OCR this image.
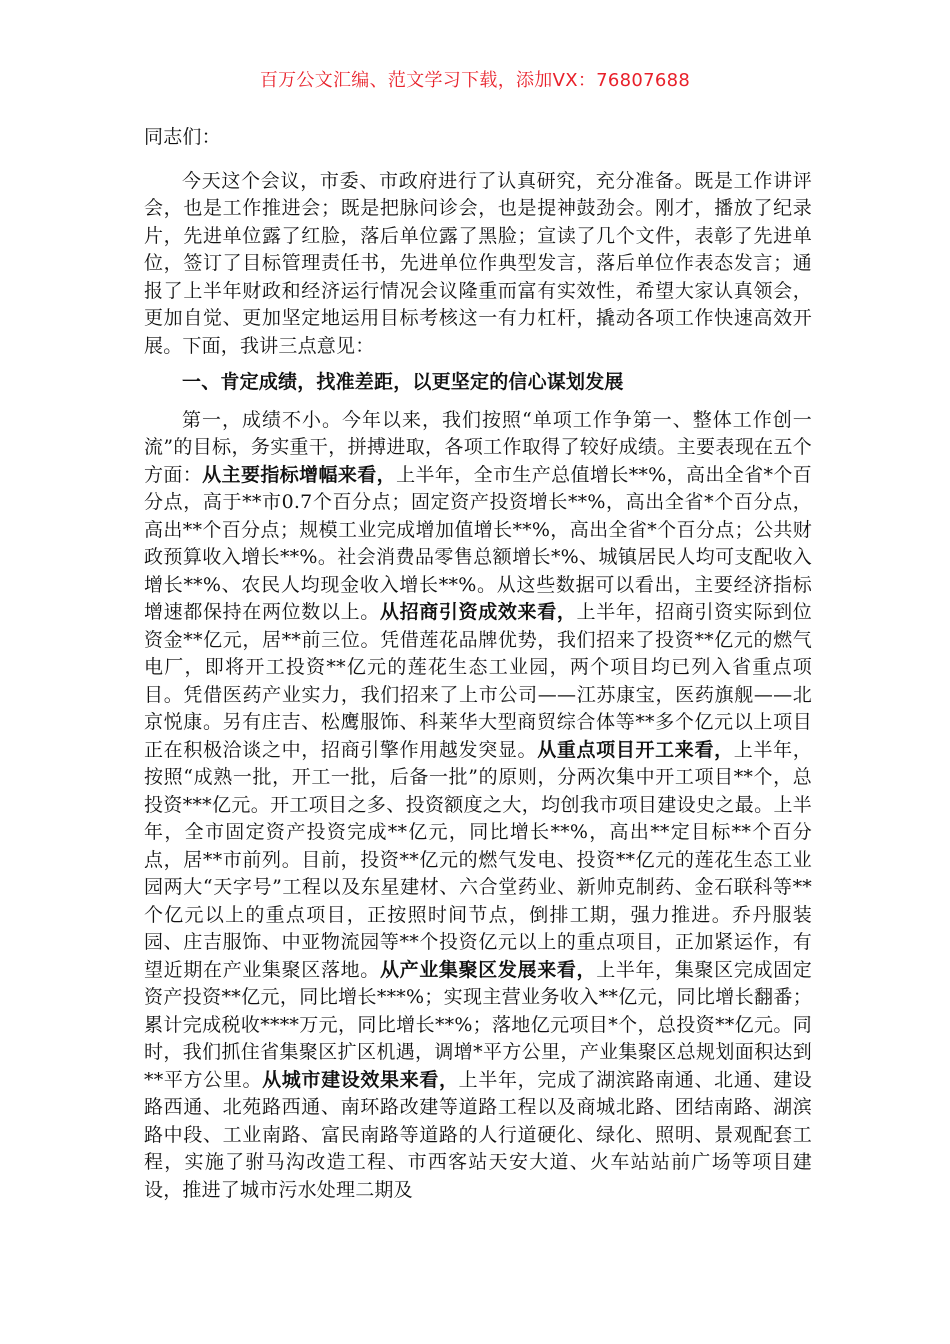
百万公文汇编、范文学习下载，添加VX：76807688

同志们：

今天这个会议，市委、市政府进行了认真研究，充分准备。既是工作讲评会，也是工作推进会；既是把脉问诊会，也是提神鼓劲会。刚才，播放了纪录片，先进单位露了红脸，落后单位露了黑脸；宣读了几个文件，表彰了先进单位，签订了目标管理责任书，先进单位作典型发言，落后单位作表态发言；通报了上半年财政和经济运行情况会议隆重而富有实效性，希望大家认真领会，更加自觉、更加坚定地运用目标考核这一有力杠杆，撬动各项工作快速高效开展。下面，我讲三点意见：

一、肯定成绩，找准差距，以更坚定的信心谋划发展

第一，成绩不小。今年以来，我们按照“单项工作争第一、整体工作创一流”的目标，务实重干，拼搏进取，各项工作取得了较好成绩。主要表现在五个方面：从主要指标增幅来看，上半年，全市生产总值增长**%，高出全省*个百分点，高于**市0.7个百分点；固定资产投资增长**%，高出全省*个百分点，高出**个百分点；规模工业完成增加值增长**%，高出全省*个百分点；公共财政预算收入增长**%。社会消费品零售总额增长*%、城镇居民人均可支配收入增长**%、农民人均现金收入增长**%。从这些数据可以看出，主要经济指标增速都保持在两位数以上。从招商引资成效来看，上半年，招商引资实际到位资金**亿元，居**前三位。凭借莲花品牌优势，我们招来了投资**亿元的燃气电厂，即将开工投资**亿元的莲花生态工业园，两个项目均已列入省重点项目。凭借医药产业实力，我们招来了上市公司——江苏康宝，医药旗舰——北京悦康。另有庄吉、松鹰服饰、科莱华大型商贸综合体等**多个亿元以上项目正在积极洽谈之中，招商引擎作用越发突显。从重点项目开工来看，上半年，按照“成熟一批，开工一批，后备一批”的原则，分两次集中开工项目**个，总投资***亿元。开工项目之多、投资额度之大，均创我市项目建设史之最。上半年，全市固定资产投资完成**亿元，同比增长**%，高出**定目标**个百分点，居**市前列。目前，投资**亿元的燃气发电、投资**亿元的莲花生态工业园两大“天字号”工程以及东星建材、六合堂药业、新帅克制药、金石联科等**个亿元以上的重点项目，正按照时间节点，倒排工期，强力推进。乔丹服装园、庄吉服饰、中亚物流园等**个投资亿元以上的重点项目，正加紧运作，有望近期在产业集聚区落地。从产业集聚区发展来看，上半年，集聚区完成固定资产投资**亿元，同比增长***%；实现主营业务收入**亿元，同比增长翻番；累计完成税收****万元，同比增长**%；落地亿元项目*个，总投资**亿元。同时，我们抓住省集聚区扩区机遇，调增*平方公里，产业集聚区总规划面积达到**平方公里。从城市建设效果来看，上半年，完成了湖滨路南通、北通、建设路西通、北苑路西通、南环路改建等道路工程以及商城北路、团结南路、湖滨路中段、工业南路、富民南路等道路的人行道硬化、绿化、照明、景观配套工程，实施了驸马沟改造工程、市西客站天安大道、火车站站前广场等项目建设，推进了城市污水处理二期及
